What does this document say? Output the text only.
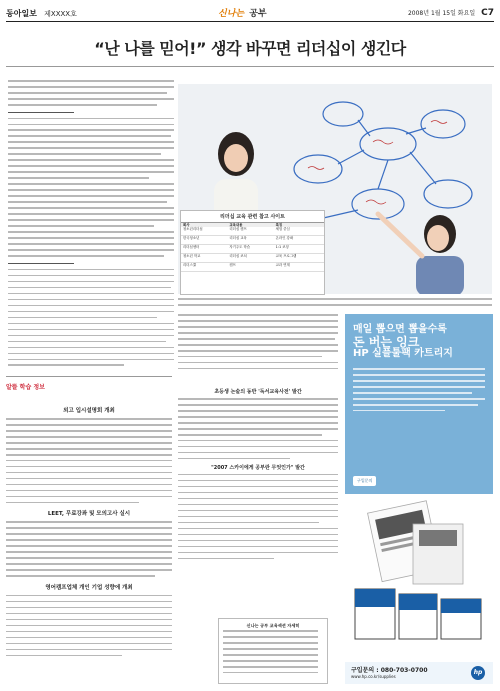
동아일보 제XXXX호	신나는 공부	2008년 1월 15일 화요일 C7
“난 나를 믿어!” 생각 바꾸면 리더십이 생긴다
리더십 교육 관련 참고 사이트
회사	교육내용	특징
청소년리더십	리더십 캠프	체험 중심
한국청소년	리더십 교육	온라인 강좌
리더십센터	자기주도 학습	1:1 코칭
청소년 학교	리더십 코치	교육 프로그램
리더스쿨	캠프	교과 연계
초등생 논술의 동반 '독서교육사전' 발간
"2007 스카이에게 공부란 무엇인가" 발간
신나는 공부 교육섹션 자세히
알뜰 학습 정보
외고 입시설명회 개최
LEET, 무료강좌 및 모의고사 실시
영어캠프업체 개인 기업 성향에 개최
매일 뽑으면 뽑을수록
돈 버는 잉크
HP 실플툴팩 카트리지
구입문의
구입문의 : 080-703-0700
www.hp.co.kr/supplies
hp
